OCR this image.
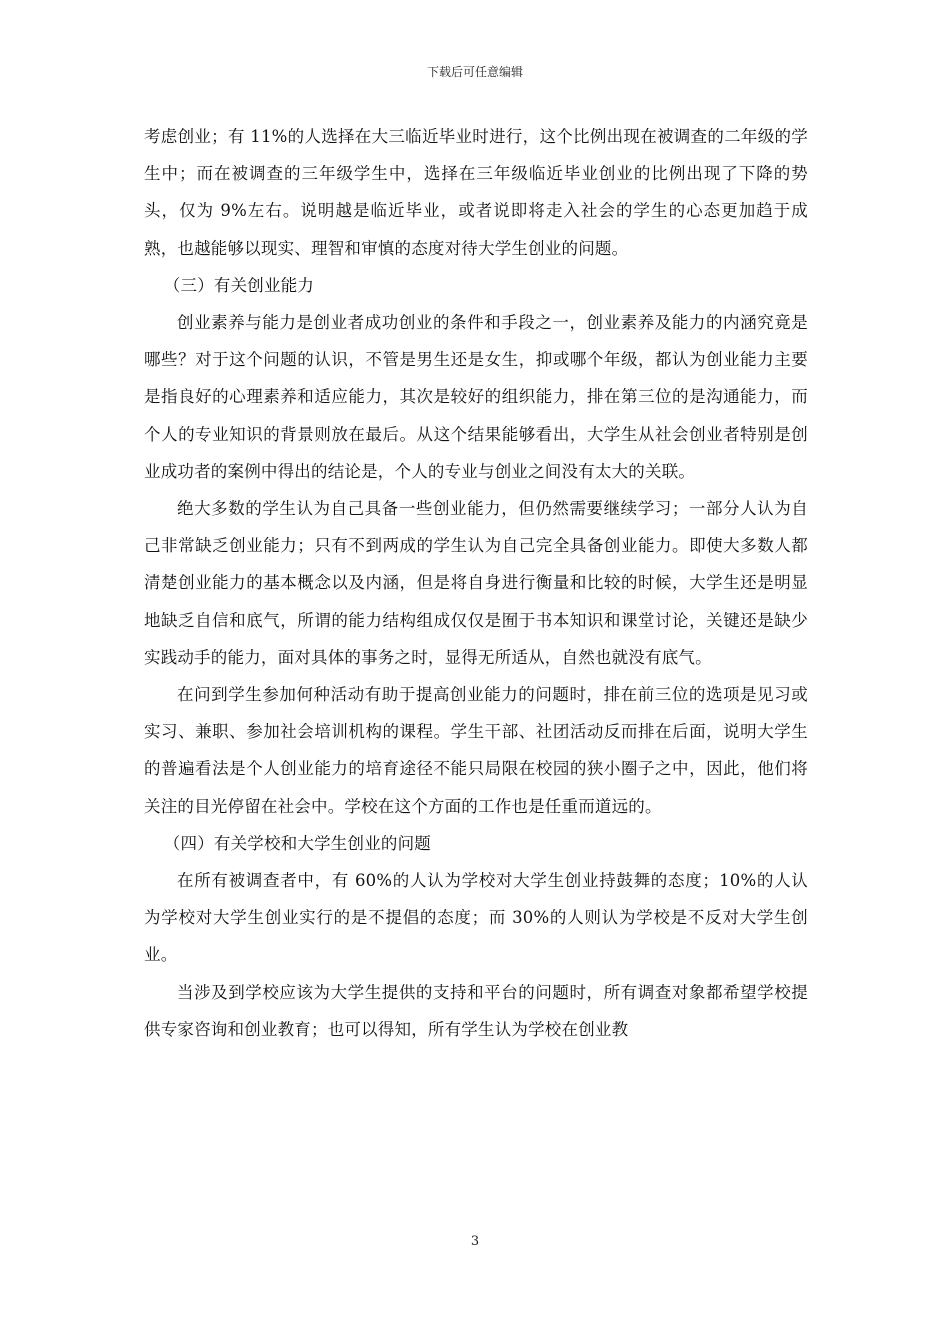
下载后可任意编辑

考虑创业；有 11%的人选择在大三临近毕业时进行，这个比例出现在被调查的二年级的学生中；而在被调查的三年级学生中，选择在三年级临近毕业创业的比例出现了下降的势头，仅为 9%左右。说明越是临近毕业，或者说即将走入社会的学生的心态更加趋于成熟，也越能够以现实、理智和审慎的态度对待大学生创业的问题。

（三）有关创业能力

创业素养与能力是创业者成功创业的条件和手段之一，创业素养及能力的内涵究竟是哪些？对于这个问题的认识，不管是男生还是女生，抑或哪个年级，都认为创业能力主要是指良好的心理素养和适应能力，其次是较好的组织能力，排在第三位的是沟通能力，而个人的专业知识的背景则放在最后。从这个结果能够看出，大学生从社会创业者特别是创业成功者的案例中得出的结论是，个人的专业与创业之间没有太大的关联。

绝大多数的学生认为自己具备一些创业能力，但仍然需要继续学习；一部分人认为自己非常缺乏创业能力；只有不到两成的学生认为自己完全具备创业能力。即使大多数人都清楚创业能力的基本概念以及内涵，但是将自身进行衡量和比较的时候，大学生还是明显地缺乏自信和底气，所谓的能力结构组成仅仅是囿于书本知识和课堂讨论，关键还是缺少实践动手的能力，面对具体的事务之时，显得无所适从，自然也就没有底气。

在问到学生参加何种活动有助于提高创业能力的问题时，排在前三位的选项是见习或实习、兼职、参加社会培训机构的课程。学生干部、社团活动反而排在后面，说明大学生的普遍看法是个人创业能力的培育途径不能只局限在校园的狭小圈子之中，因此，他们将关注的目光停留在社会中。学校在这个方面的工作也是任重而道远的。

（四）有关学校和大学生创业的问题

在所有被调查者中，有 60%的人认为学校对大学生创业持鼓舞的态度；10%的人认为学校对大学生创业实行的是不提倡的态度；而 30%的人则认为学校是不反对大学生创业。

当涉及到学校应该为大学生提供的支持和平台的问题时，所有调查对象都希望学校提供专家咨询和创业教育；也可以得知，所有学生认为学校在创业教

3
